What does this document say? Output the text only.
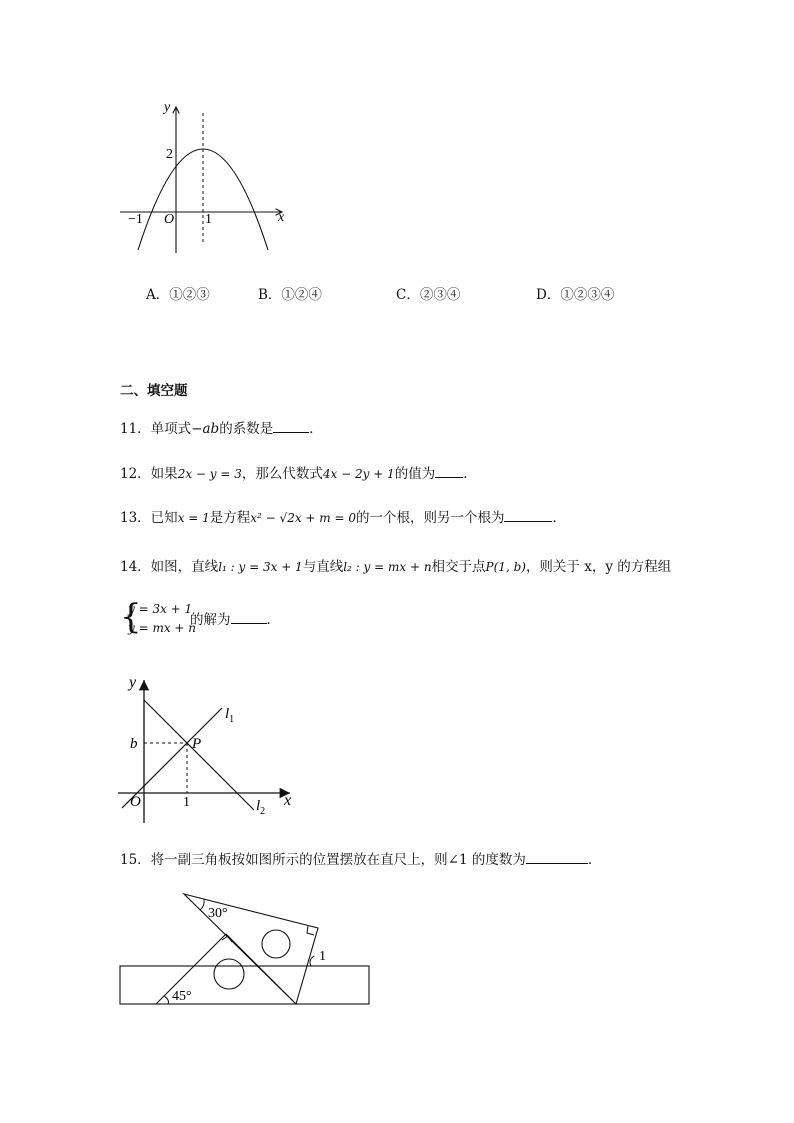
y
x
2
−1 O 1
A．①②③	B．①②④	C．②③④	D．①②③④
二、填空题
11．单项式−ab的系数是	．
12．如果2x − y = 3，那么代数式4x − 2y + 1的值为 ．
13．已知x = 1是方程x² − √2x + m = 0的一个根，则另一个根为	．
14．如图，直线l₁ : y = 3x + 1与直线l₂ : y = mx + n相交于点P(1, b)，则关于 x，y 的方程组
{
y = 3x + 1
y = mx + n
的解为	．
y
x
b	P
O	1
$l_1$
$l_2$
15．将一副三角板按如图所示的位置摆放在直尺上，则∠1 的度数为	．
30°
45°
1
